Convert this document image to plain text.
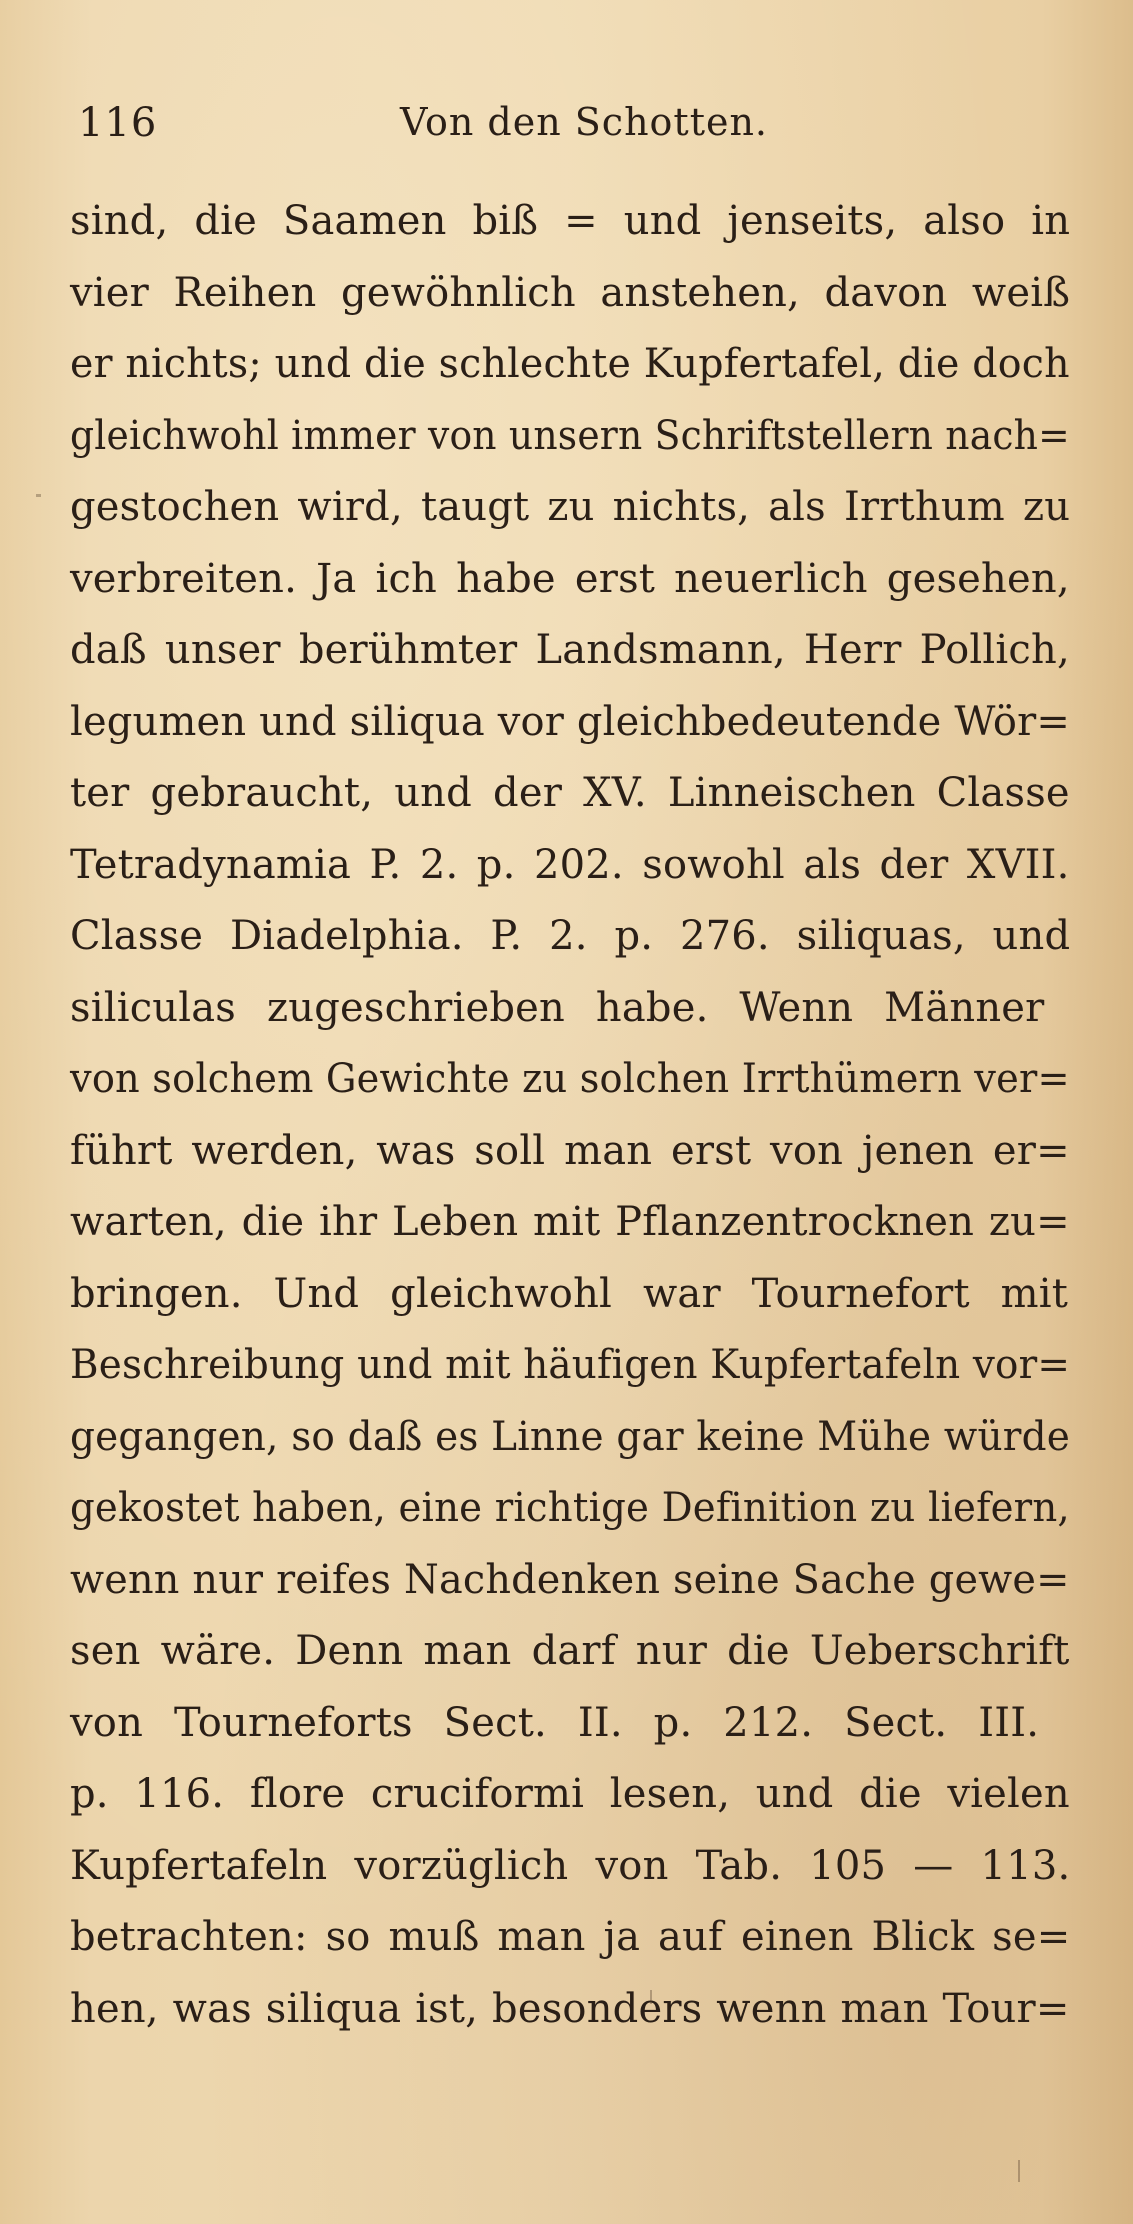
116	Von den Schotten.
sind, die Saamen biß = und jenseits, also in
vier Reihen gewöhnlich anstehen, davon weiß
er nichts; und die schlechte Kupfertafel, die doch
gleichwohl immer von unsern Schriftstellern nach=
gestochen wird, taugt zu nichts, als Irrthum zu
verbreiten. Ja ich habe erst neuerlich gesehen,
daß unser berühmter Landsmann, Herr Pollich,
legumen und siliqua vor gleichbedeutende Wör=
ter gebraucht, und der XV. Linneischen Classe
Tetradynamia P. 2. p. 202. sowohl als der XVII.
Classe Diadelphia. P. 2. p. 276. siliquas, und
siliculas zugeschrieben habe. Wenn Männer
von solchem Gewichte zu solchen Irrthümern ver=
führt werden, was soll man erst von jenen er=
warten, die ihr Leben mit Pflanzentrocknen zu=
bringen. Und gleichwohl war Tournefort mit
Beschreibung und mit häufigen Kupfertafeln vor=
gegangen, so daß es Linne gar keine Mühe würde
gekostet haben, eine richtige Definition zu liefern,
wenn nur reifes Nachdenken seine Sache gewe=
sen wäre. Denn man darf nur die Ueberschrift
von Tourneforts Sect. II. p. 212. Sect. III.
p. 116. flore cruciformi lesen, und die vielen
Kupfertafeln vorzüglich von Tab. 105 — 113.
betrachten: so muß man ja auf einen Blick se=
hen, was siliqua ist, besonders wenn man Tour=
